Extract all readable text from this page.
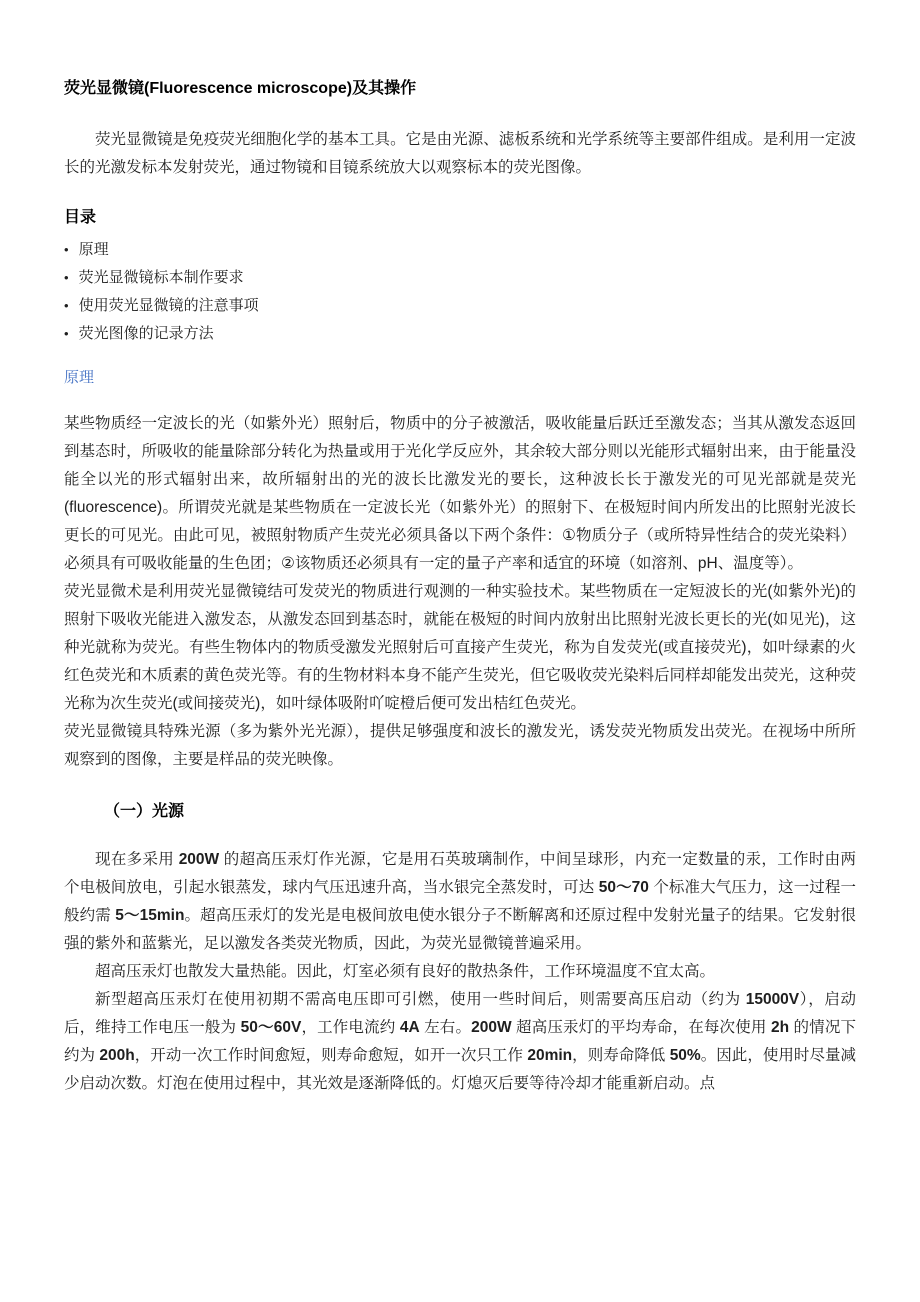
荧光显微镜(Fluorescence microscope)及其操作

荧光显微镜是免疫荧光细胞化学的基本工具。它是由光源、滤板系统和光学系统等主要部件组成。是利用一定波长的光激发标本发射荧光，通过物镜和目镜系统放大以观察标本的荧光图像。

目录
• 原理
• 荧光显微镜标本制作要求
• 使用荧光显微镜的注意事项
• 荧光图像的记录方法
原理

某些物质经一定波长的光（如紫外光）照射后，物质中的分子被激活，吸收能量后跃迁至激发态；当其从激发态返回到基态时，所吸收的能量除部分转化为热量或用于光化学反应外，其余较大部分则以光能形式辐射出来，由于能量没能全以光的形式辐射出来，故所辐射出的光的波长比激发光的要长，这种波长长于激发光的可见光部就是荧光(fluorescence)。所谓荧光就是某些物质在一定波长光（如紫外光）的照射下、在极短时间内所发出的比照射光波长更长的可见光。由此可见，被照射物质产生荧光必须具备以下两个条件：①物质分子（或所特异性结合的荧光染料）必须具有可吸收能量的生色团；②该物质还必须具有一定的量子产率和适宜的环境（如溶剂、pH、温度等）。

荧光显微术是利用荧光显微镜结可发荧光的物质进行观测的一种实验技术。某些物质在一定短波长的光(如紫外光)的照射下吸收光能进入激发态，从激发态回到基态时，就能在极短的时间内放射出比照射光波长更长的光(如见光)，这种光就称为荧光。有些生物体内的物质受激发光照射后可直接产生荧光，称为自发荧光(或直接荧光)，如叶绿素的火红色荧光和木质素的黄色荧光等。有的生物材料本身不能产生荧光，但它吸收荧光染料后同样却能发出荧光，这种荧光称为次生荧光(或间接荧光)，如叶绿体吸附吖啶橙后便可发出桔红色荧光。

荧光显微镜具特殊光源（多为紫外光光源），提供足够强度和波长的激发光，诱发荧光物质发出荧光。在视场中所所观察到的图像，主要是样品的荧光映像。

（一）光源

现在多采用 200W 的超高压汞灯作光源，它是用石英玻璃制作，中间呈球形，内充一定数量的汞，工作时由两个电极间放电，引起水银蒸发，球内气压迅速升高，当水银完全蒸发时，可达 50～70 个标准大气压力，这一过程一般约需 5～15min。超高压汞灯的发光是电极间放电使水银分子不断解离和还原过程中发射光量子的结果。它发射很强的紫外和蓝紫光，足以激发各类荧光物质，因此，为荧光显微镜普遍采用。

超高压汞灯也散发大量热能。因此，灯室必须有良好的散热条件，工作环境温度不宜太高。

新型超高压汞灯在使用初期不需高电压即可引燃，使用一些时间后，则需要高压启动（约为 15000V），启动后，维持工作电压一般为 50～60V，工作电流约 4A 左右。200W 超高压汞灯的平均寿命，在每次使用 2h 的情况下约为 200h，开动一次工作时间愈短，则寿命愈短，如开一次只工作 20min，则寿命降低 50%。因此，使用时尽量减少启动次数。灯泡在使用过程中，其光效是逐渐降低的。灯熄灭后要等待冷却才能重新启动。点
